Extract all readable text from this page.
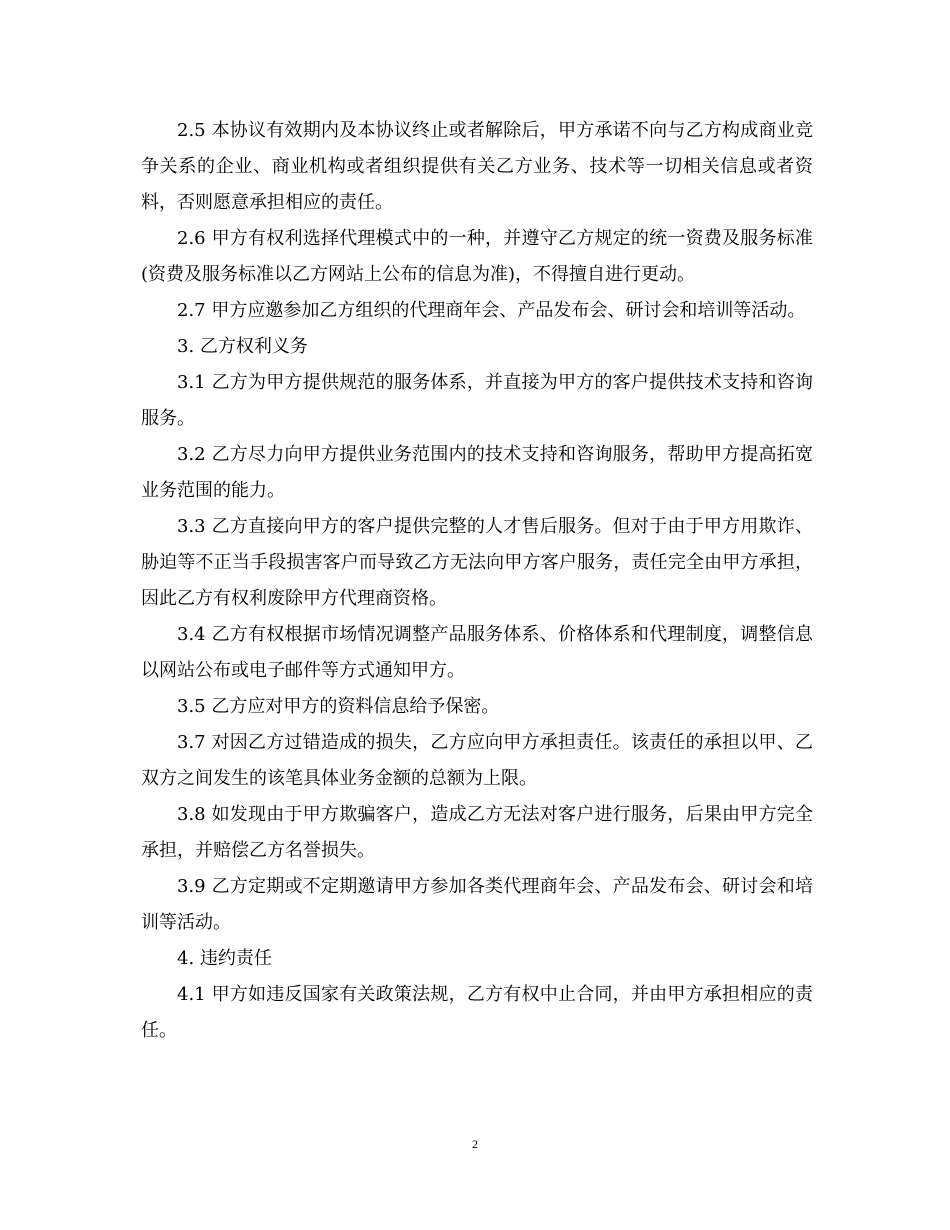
2.5 本协议有效期内及本协议终止或者解除后，甲方承诺不向与乙方构成商业竞争关系的企业、商业机构或者组织提供有关乙方业务、技术等一切相关信息或者资料，否则愿意承担相应的责任。

2.6 甲方有权利选择代理模式中的一种，并遵守乙方规定的统一资费及服务标准(资费及服务标准以乙方网站上公布的信息为准)，不得擅自进行更动。

2.7 甲方应邀参加乙方组织的代理商年会、产品发布会、研讨会和培训等活动。

3. 乙方权利义务

3.1 乙方为甲方提供规范的服务体系，并直接为甲方的客户提供技术支持和咨询服务。

3.2 乙方尽力向甲方提供业务范围内的技术支持和咨询服务，帮助甲方提高拓宽业务范围的能力。

3.3 乙方直接向甲方的客户提供完整的人才售后服务。但对于由于甲方用欺诈、胁迫等不正当手段损害客户而导致乙方无法向甲方客户服务，责任完全由甲方承担，因此乙方有权利废除甲方代理商资格。

3.4 乙方有权根据市场情况调整产品服务体系、价格体系和代理制度，调整信息以网站公布或电子邮件等方式通知甲方。

3.5 乙方应对甲方的资料信息给予保密。

3.7 对因乙方过错造成的损失，乙方应向甲方承担责任。该责任的承担以甲、乙双方之间发生的该笔具体业务金额的总额为上限。

3.8 如发现由于甲方欺骗客户，造成乙方无法对客户进行服务，后果由甲方完全承担，并赔偿乙方名誉损失。

3.9 乙方定期或不定期邀请甲方参加各类代理商年会、产品发布会、研讨会和培训等活动。

4. 违约责任

4.1 甲方如违反国家有关政策法规，乙方有权中止合同，并由甲方承担相应的责任。

2
